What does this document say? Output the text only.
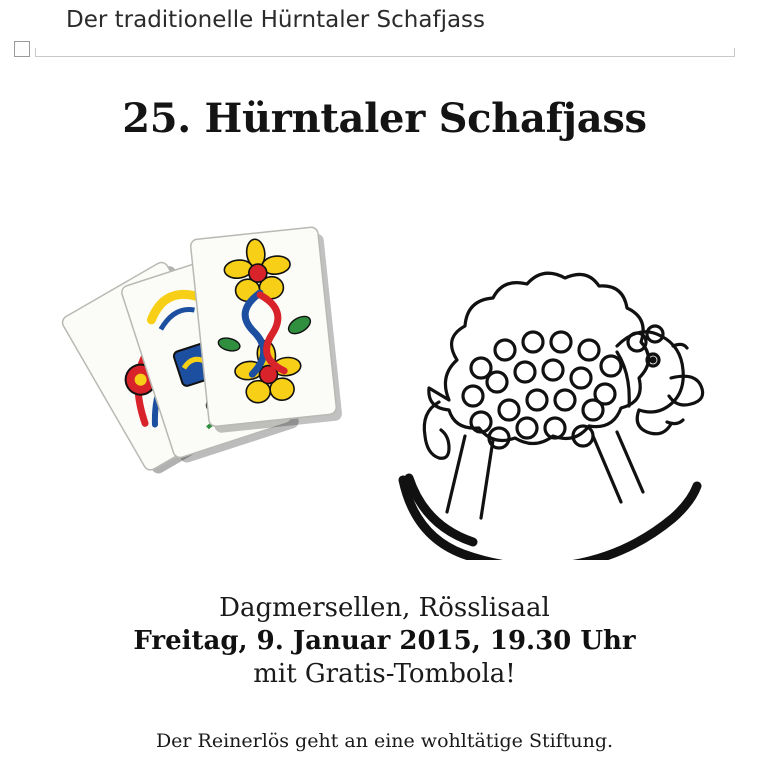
Der traditionelle Hürntaler Schafjass
25. Hürntaler Schafjass
Dagmersellen, Rösslisaal
Freitag, 9. Januar 2015, 19.30 Uhr
mit Gratis-Tombola!
Der Reinerlös geht an eine wohltätige Stiftung.
